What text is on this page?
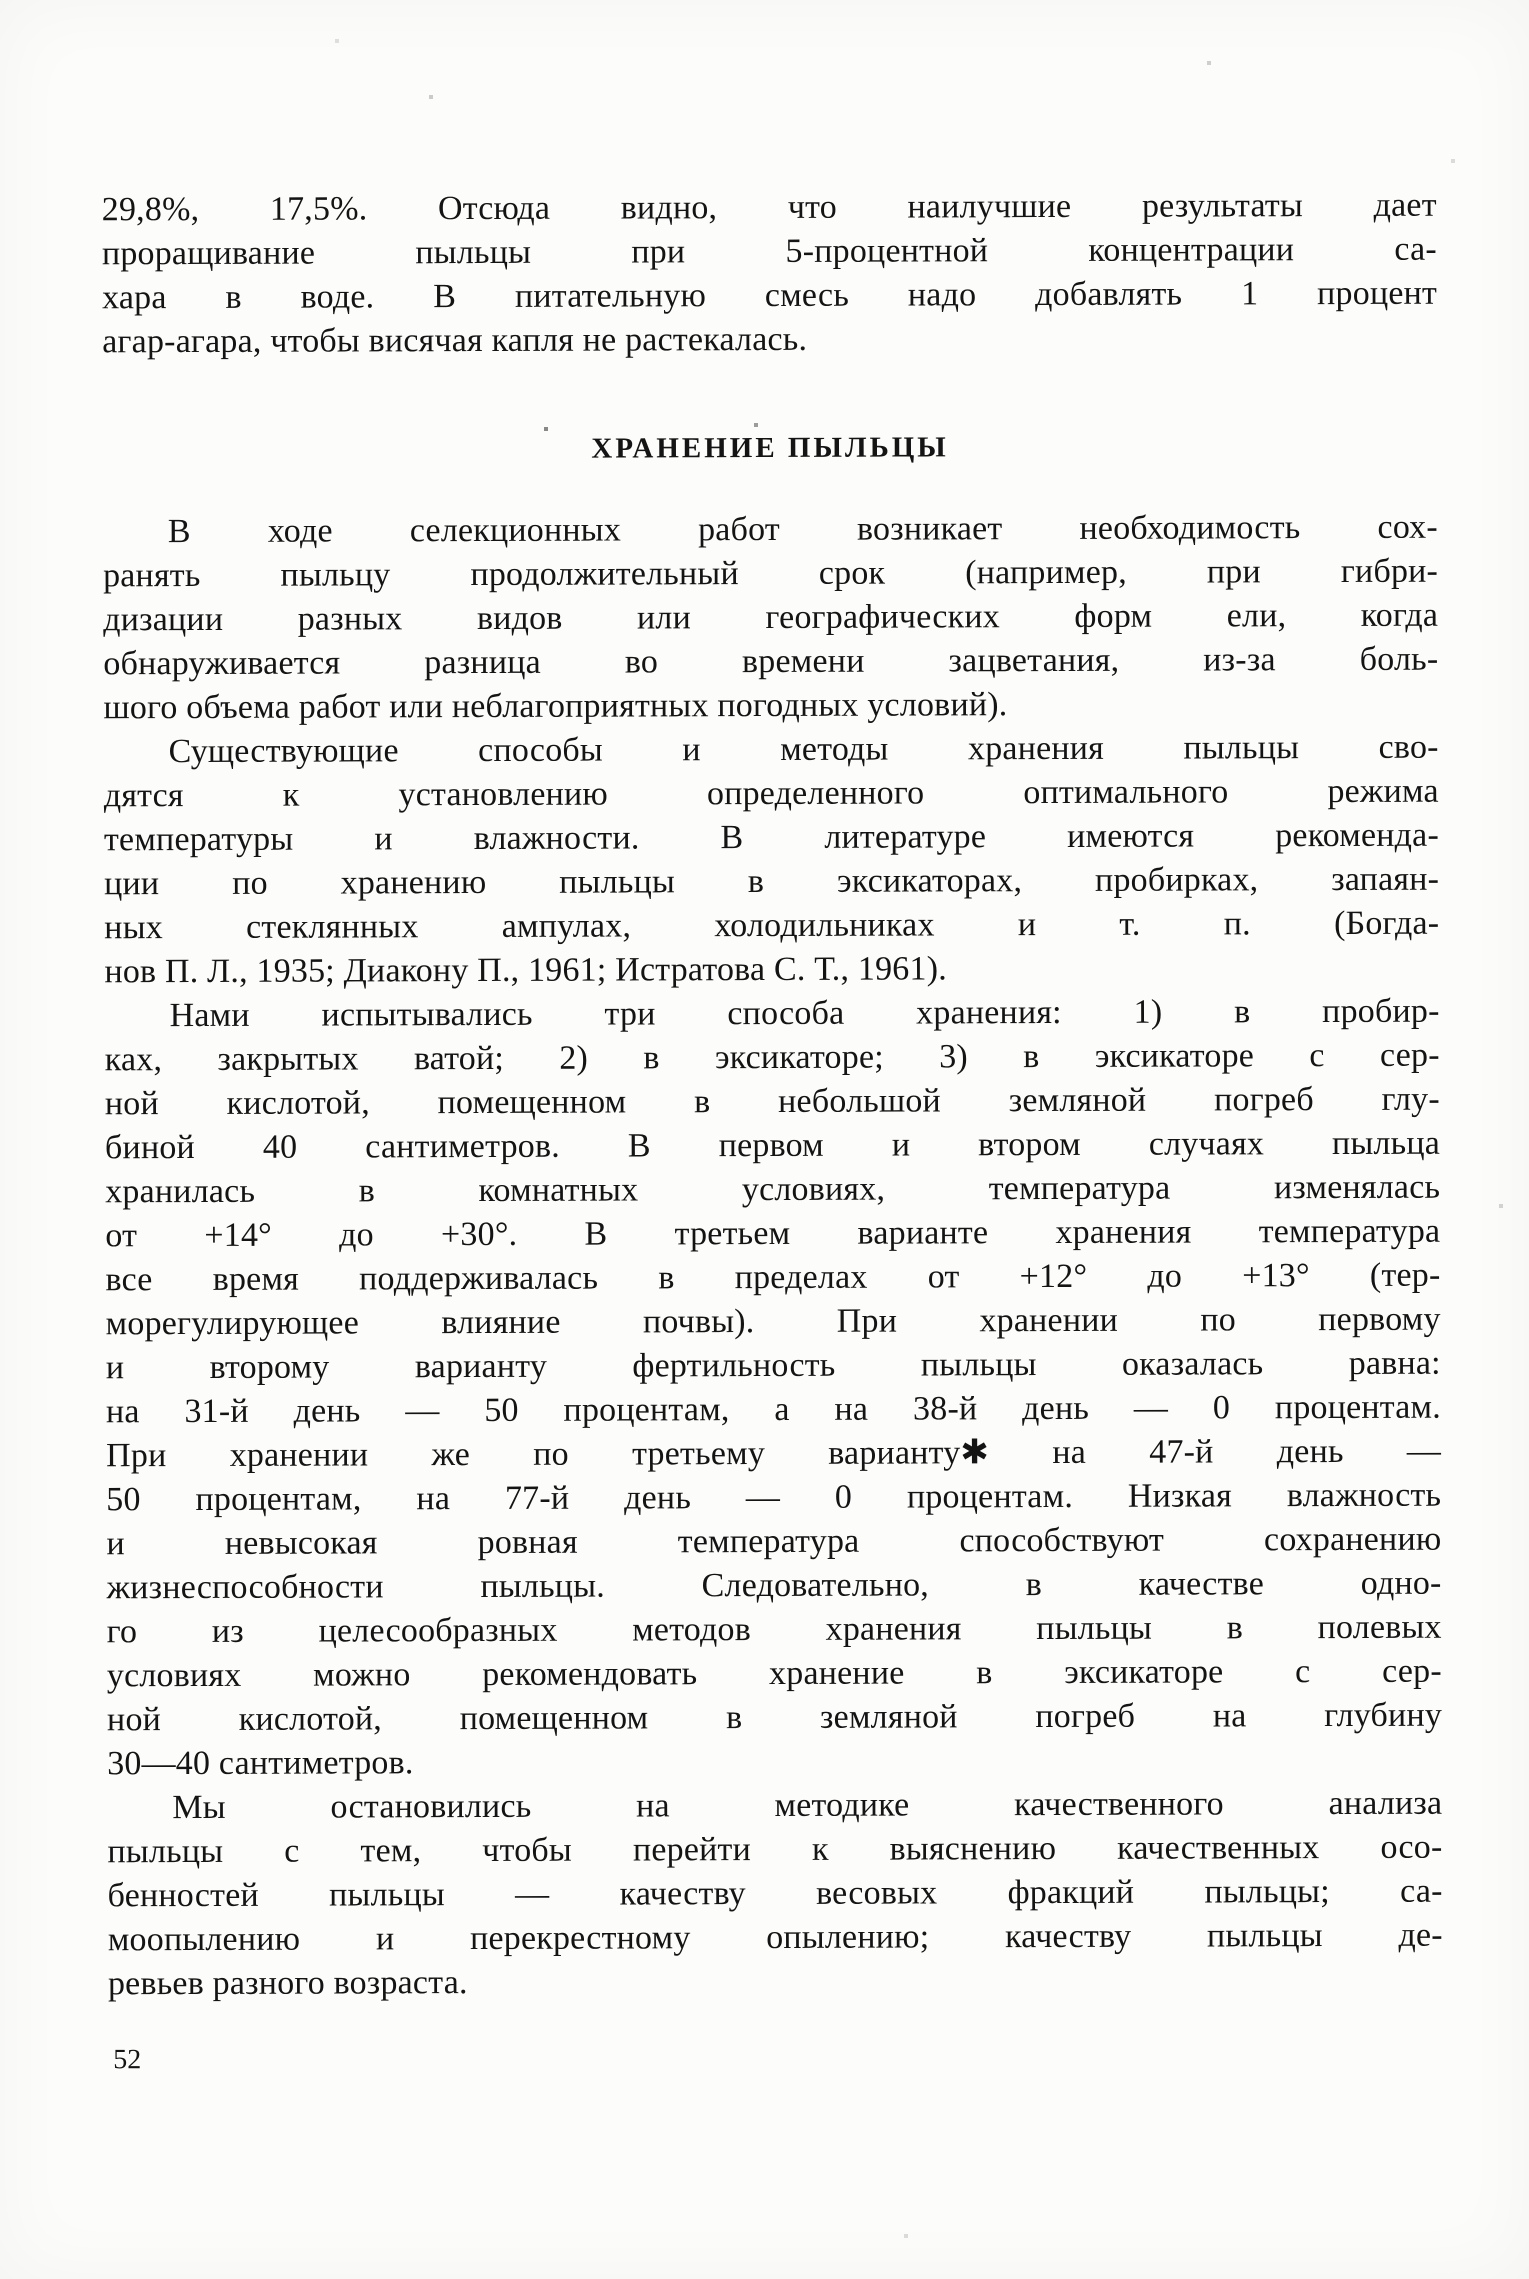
29,8%, 17,5%. Отсюда видно, что наилучшие результаты дает
проращивание пыльцы при 5-процентной концентрации са-
хара в воде. В питательную смесь надо добавлять 1 процент
агар-агара, чтобы висячая капля не растекалась.
ХРАНЕНИЕ ПЫЛЬЦЫ
В ходе селекционных работ возникает необходимость сох-
ранять пыльцу продолжительный срок (например, при гибри-
дизации разных видов или географических форм ели, когда
обнаруживается разница во времени зацветания, из-за боль-
шого объема работ или неблагоприятных погодных условий).
Существующие способы и методы хранения пыльцы сво-
дятся к установлению определенного оптимального режима
температуры и влажности. В литературе имеются рекоменда-
ции по хранению пыльцы в эксикаторах, пробирках, запаян-
ных стеклянных ампулах, холодильниках и т. п. (Богда-
нов П. Л., 1935; Диакону П., 1961; Истратова С. Т., 1961).
Нами испытывались три способа хранения: 1) в пробир-
ках, закрытых ватой; 2) в эксикаторе; 3) в эксикаторе с сер-
ной кислотой, помещенном в небольшой земляной погреб глу-
биной 40 сантиметров. В первом и втором случаях пыльца
хранилась в комнатных условиях, температура изменялась
от +14° до +30°. В третьем варианте хранения температура
все время поддерживалась в пределах от +12° до +13° (тер-
морегулирующее влияние почвы). При хранении по первому
и второму варианту фертильность пыльцы оказалась равна:
на 31-й день — 50 процентам, а на 38-й день — 0 процентам.
При хранении же по третьему варианту✱ на 47-й день —
50 процентам, на 77-й день — 0 процентам. Низкая влажность
и невысокая ровная температура способствуют сохранению
жизнеспособности пыльцы. Следовательно, в качестве одно-
го из целесообразных методов хранения пыльцы в полевых
условиях можно рекомендовать хранение в эксикаторе с сер-
ной кислотой, помещенном в земляной погреб на глубину
30—40 сантиметров.
Мы остановились на методике качественного анализа
пыльцы с тем, чтобы перейти к выяснению качественных осо-
бенностей пыльцы — качеству весовых фракций пыльцы; са-
моопылению и перекрестному опылению; качеству пыльцы де-
ревьев разного возраста.
52
